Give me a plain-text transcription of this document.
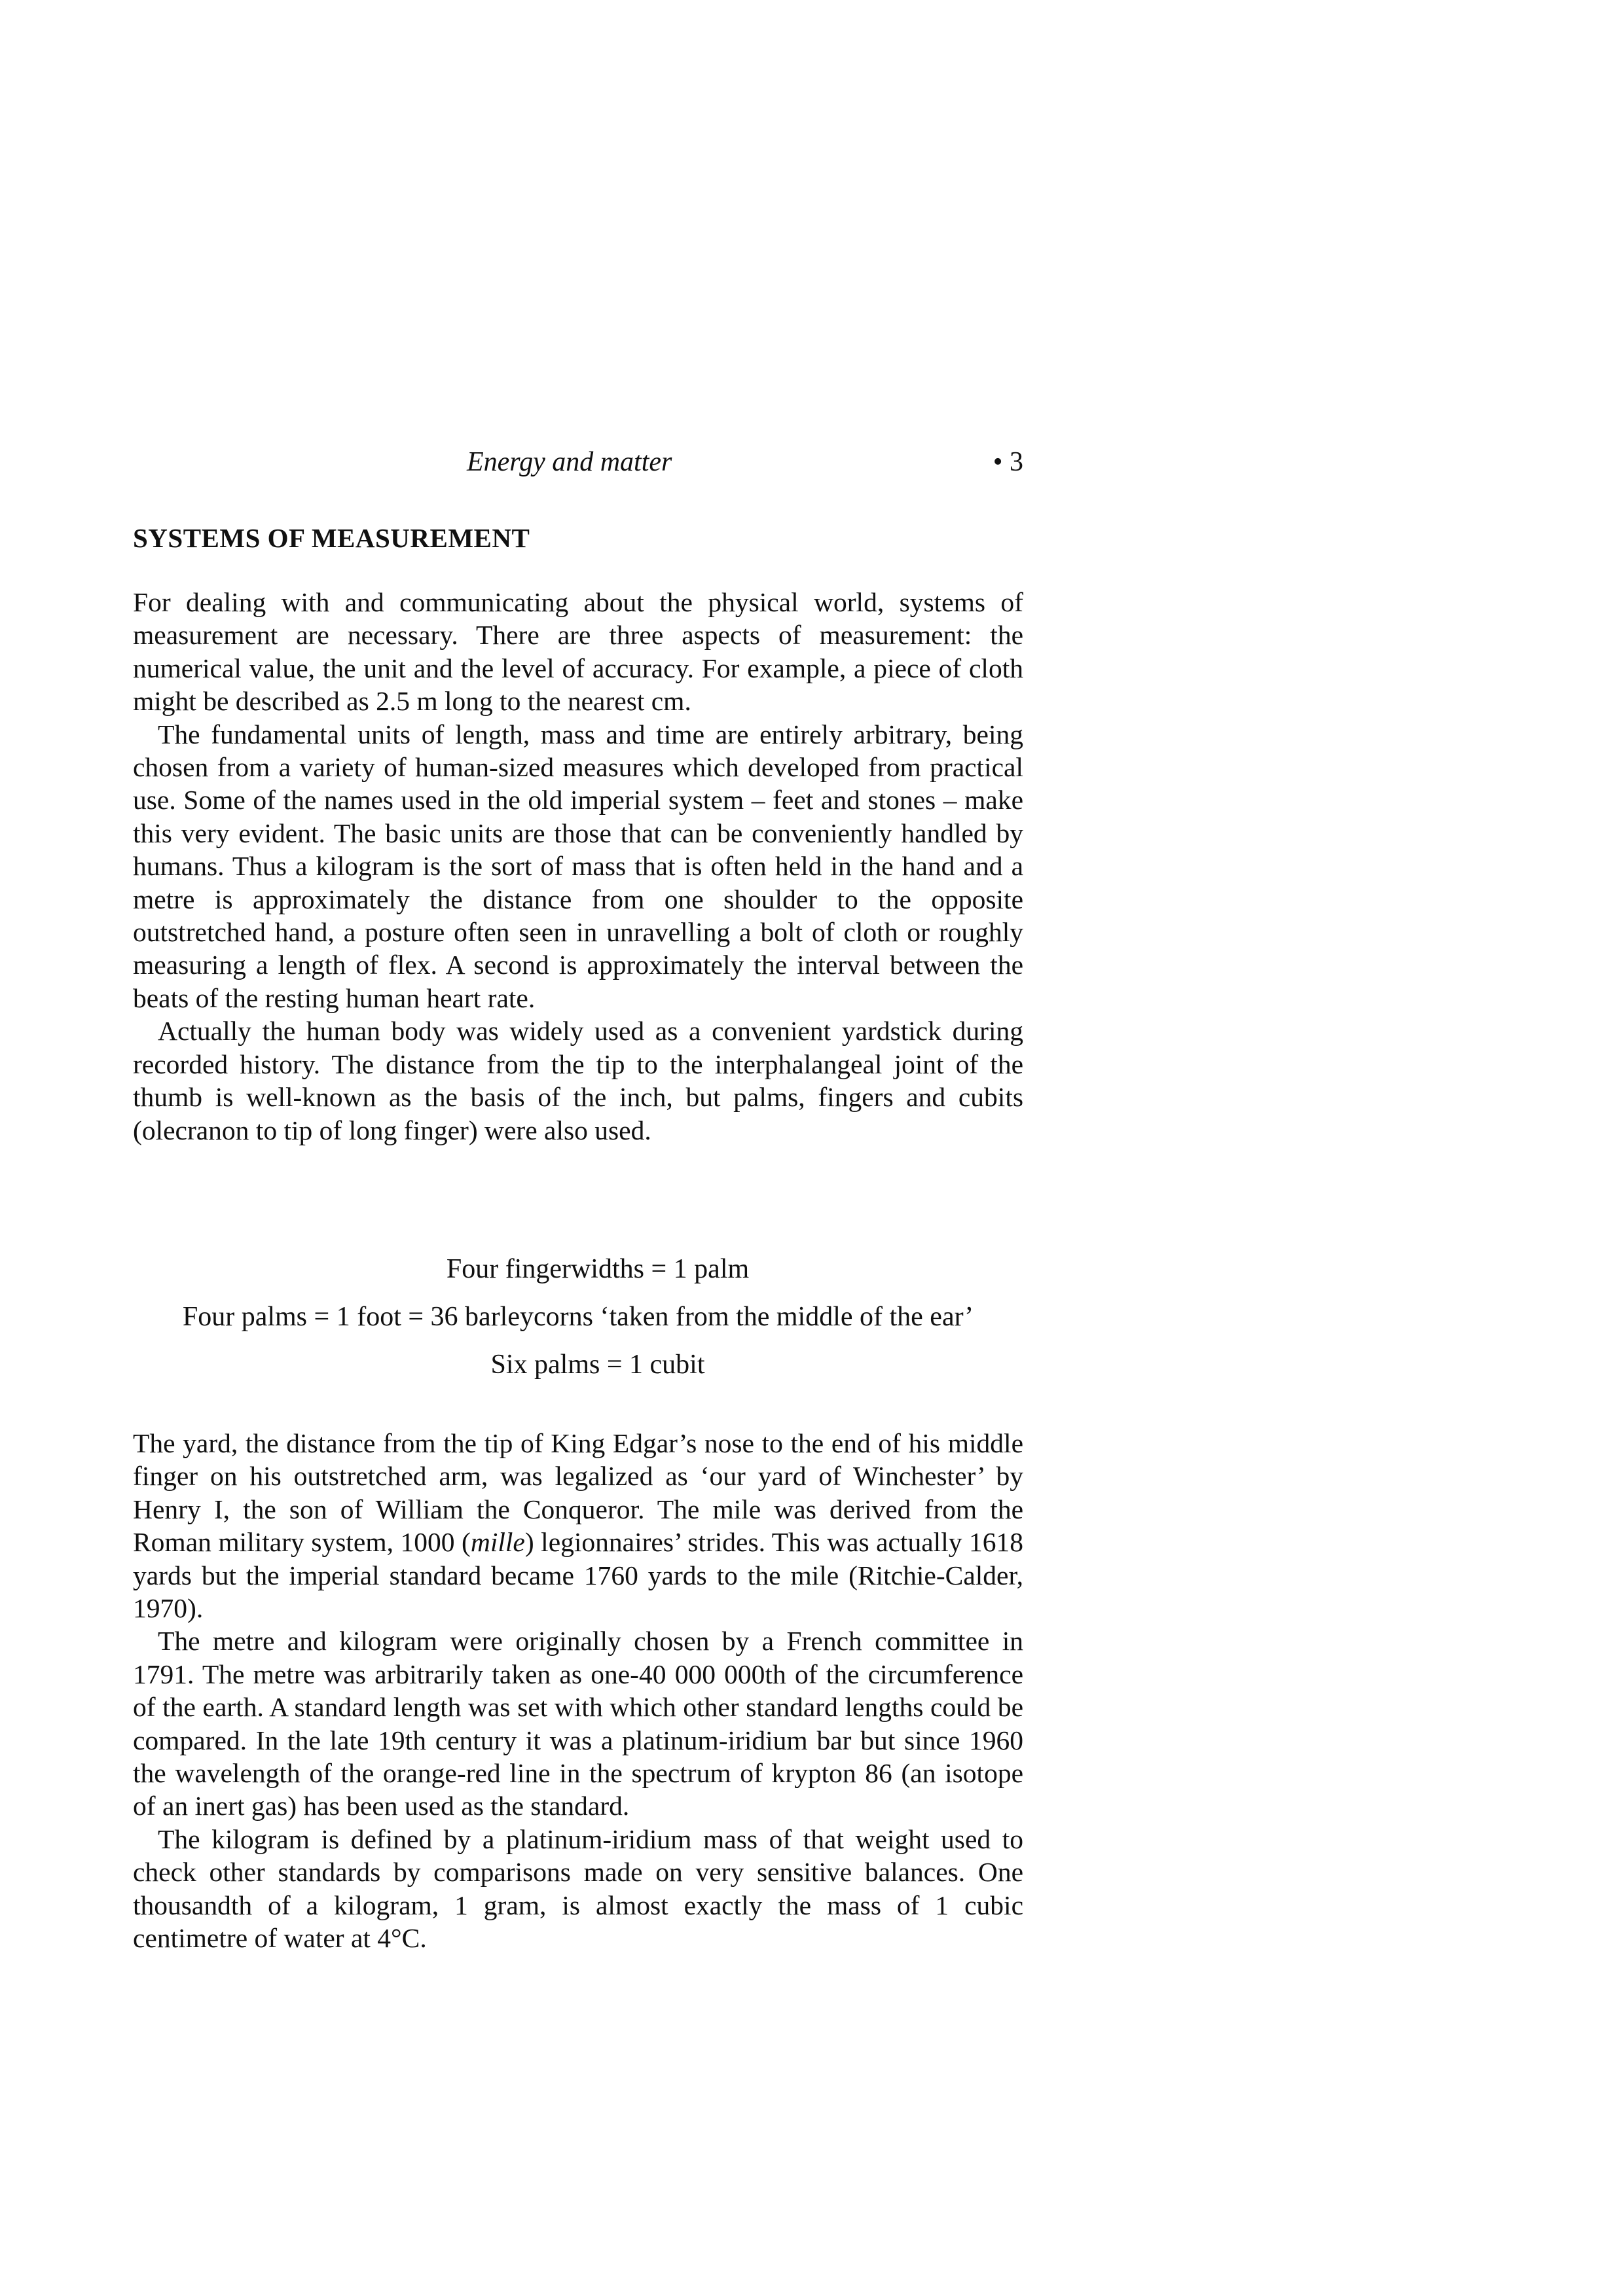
Energy and matter	• 3
SYSTEMS OF MEASUREMENT

For dealing with and communicating about the physical world, systems of measurement are necessary. There are three aspects of measurement: the numerical value, the unit and the level of accuracy. For example, a piece of cloth might be described as 2.5 m long to the nearest cm.

The fundamental units of length, mass and time are entirely arbitrary, being chosen from a variety of human-sized measures which developed from practical use. Some of the names used in the old imperial system – feet and stones – make this very evident. The basic units are those that can be conveniently handled by humans. Thus a kilogram is the sort of mass that is often held in the hand and a metre is approximately the distance from one shoulder to the opposite outstretched hand, a posture often seen in unravelling a bolt of cloth or roughly measuring a length of flex. A second is approximately the interval between the beats of the resting human heart rate.

Actually the human body was widely used as a convenient yardstick during recorded history. The distance from the tip to the interphalangeal joint of the thumb is well-known as the basis of the inch, but palms, fingers and cubits (olecranon to tip of long finger) were also used.

Four fingerwidths = 1 palm
Four palms = 1 foot = 36 barleycorns ‘taken from the middle of the ear’
Six palms = 1 cubit

The yard, the distance from the tip of King Edgar’s nose to the end of his middle finger on his outstretched arm, was legalized as ‘our yard of Winchester’ by Henry I, the son of William the Conqueror. The mile was derived from the Roman military system, 1000 (mille) legionnaires’ strides. This was actually 1618 yards but the imperial standard became 1760 yards to the mile (Ritchie-Calder, 1970).

The metre and kilogram were originally chosen by a French committee in 1791. The metre was arbitrarily taken as one-40 000 000th of the circumference of the earth. A standard length was set with which other standard lengths could be compared. In the late 19th century it was a platinum-iridium bar but since 1960 the wavelength of the orange-red line in the spectrum of krypton 86 (an isotope of an inert gas) has been used as the standard.

The kilogram is defined by a platinum-iridium mass of that weight used to check other standards by comparisons made on very sensitive balances. One thousandth of a kilogram, 1 gram, is almost exactly the mass of 1 cubic centimetre of water at 4°C.
